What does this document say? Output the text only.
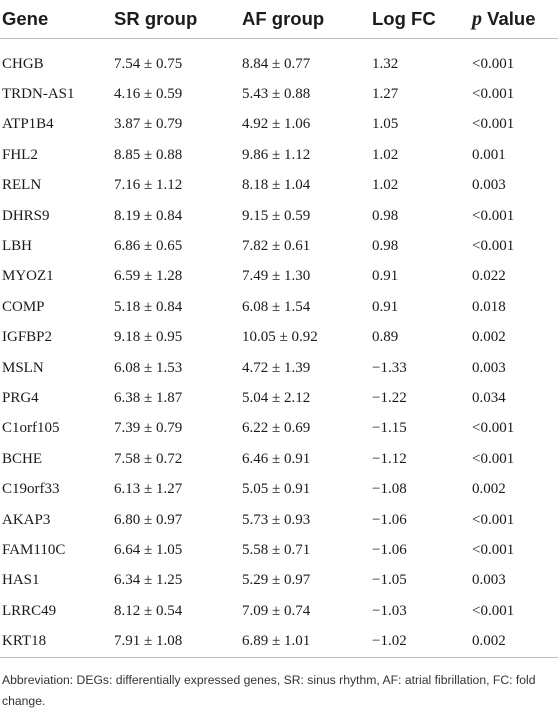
Gene	SR group	AF group	Log FC	p Value

CHGB	7.54 ± 0.75	8.84 ± 0.77	1.32	<0.001
TRDN-AS1	4.16 ± 0.59	5.43 ± 0.88	1.27	<0.001
ATP1B4	3.87 ± 0.79	4.92 ± 1.06	1.05	<0.001
FHL2	8.85 ± 0.88	9.86 ± 1.12	1.02	0.001
RELN	7.16 ± 1.12	8.18 ± 1.04	1.02	0.003
DHRS9	8.19 ± 0.84	9.15 ± 0.59	0.98	<0.001
LBH	6.86 ± 0.65	7.82 ± 0.61	0.98	<0.001
MYOZ1	6.59 ± 1.28	7.49 ± 1.30	0.91	0.022
COMP	5.18 ± 0.84	6.08 ± 1.54	0.91	0.018
IGFBP2	9.18 ± 0.95	10.05 ± 0.92	0.89	0.002
MSLN	6.08 ± 1.53	4.72 ± 1.39	−1.33	0.003
PRG4	6.38 ± 1.87	5.04 ± 2.12	−1.22	0.034
C1orf105	7.39 ± 0.79	6.22 ± 0.69	−1.15	<0.001
BCHE	7.58 ± 0.72	6.46 ± 0.91	−1.12	<0.001
C19orf33	6.13 ± 1.27	5.05 ± 0.91	−1.08	0.002
AKAP3	6.80 ± 0.97	5.73 ± 0.93	−1.06	<0.001
FAM110C	6.64 ± 1.05	5.58 ± 0.71	−1.06	<0.001
HAS1	6.34 ± 1.25	5.29 ± 0.97	−1.05	0.003
LRRC49	8.12 ± 0.54	7.09 ± 0.74	−1.03	<0.001
KRT18	7.91 ± 1.08	6.89 ± 1.01	−1.02	0.002
Abbreviation: DEGs: differentially expressed genes, SR: sinus rhythm, AF: atrial fibrillation, FC: fold change.
